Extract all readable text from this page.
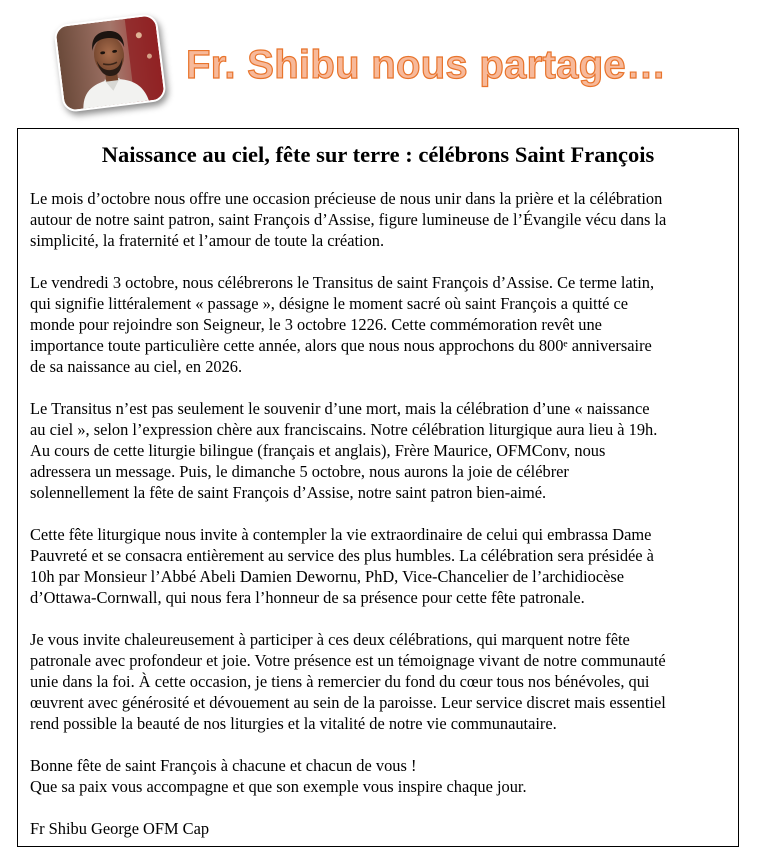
Fr. Shibu nous partage…
Naissance au ciel, fête sur terre : célébrons Saint François
Le mois d’octobre nous offre une occasion précieuse de nous unir dans la prière et la célébration
autour de notre saint patron, saint François d’Assise, figure lumineuse de l’Évangile vécu dans la
simplicité, la fraternité et l’amour de toute la création.
Le vendredi 3 octobre, nous célébrerons le Transitus de saint François d’Assise. Ce terme latin,
qui signifie littéralement « passage », désigne le moment sacré où saint François a quitté ce
monde pour rejoindre son Seigneur, le 3 octobre 1226. Cette commémoration revêt une
importance toute particulière cette année, alors que nous nous approchons du 800ᵉ anniversaire
de sa naissance au ciel, en 2026.
Le Transitus n’est pas seulement le souvenir d’une mort, mais la célébration d’une « naissance
au ciel », selon l’expression chère aux franciscains. Notre célébration liturgique aura lieu à 19h.
Au cours de cette liturgie bilingue (français et anglais), Frère Maurice, OFMConv, nous
adressera un message. Puis, le dimanche 5 octobre, nous aurons la joie de célébrer
solennellement la fête de saint François d’Assise, notre saint patron bien-aimé.
Cette fête liturgique nous invite à contempler la vie extraordinaire de celui qui embrassa Dame
Pauvreté et se consacra entièrement au service des plus humbles. La célébration sera présidée à
10h par Monsieur l’Abbé Abeli Damien Dewornu, PhD, Vice-Chancelier de l’archidiocèse
d’Ottawa-Cornwall, qui nous fera l’honneur de sa présence pour cette fête patronale.
Je vous invite chaleureusement à participer à ces deux célébrations, qui marquent notre fête
patronale avec profondeur et joie. Votre présence est un témoignage vivant de notre communauté
unie dans la foi. À cette occasion, je tiens à remercier du fond du cœur tous nos bénévoles, qui
œuvrent avec générosité et dévouement au sein de la paroisse. Leur service discret mais essentiel
rend possible la beauté de nos liturgies et la vitalité de notre vie communautaire.
Bonne fête de saint François à chacune et chacun de vous !
Que sa paix vous accompagne et que son exemple vous inspire chaque jour.
Fr Shibu George OFM Cap
